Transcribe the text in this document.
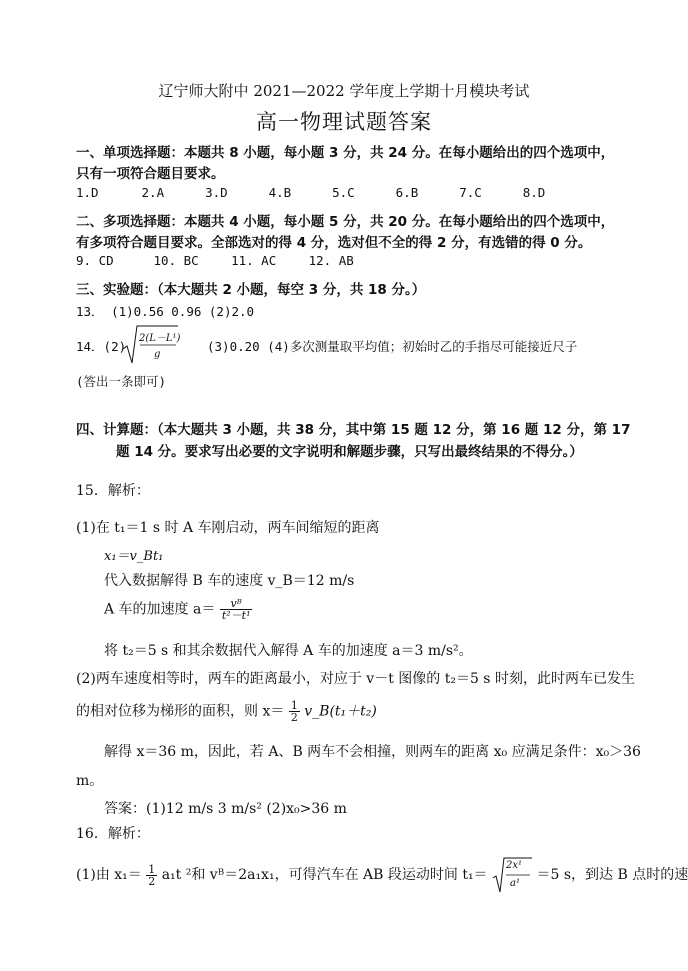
辽宁师大附中 2021—2022 学年度上学期十月模块考试
高一物理试题答案
一、单项选择题：本题共 8 小题，每小题 3 分，共 24 分。在每小题给出的四个选项中，
只有一项符合题目要求。
1.D	2.A	3.D	4.B	5.C	6.B	7.C	8.D
二、多项选择题：本题共 4 小题，每小题 5 分，共 20 分。在每小题给出的四个选项中，
有多项符合题目要求。全部选对的得 4 分，选对但不全的得 2 分，有选错的得 0 分。
9. CD	10. BC	11. AC	12. AB
三、实验题：（本大题共 2 小题，每空 3 分，共 18 分。）
13． (1)0.56 0.96 (2)2.0
14．(2)
2(L－L¹)
g
(3)0.20 (4)多次测量取平均值；初始时乙的手指尽可能接近尺子
(答出一条即可)
四、计算题：（本大题共 3 小题，共 38 分，其中第 15 题 12 分，第 16 题 12 分，第 17
题 14 分。要求写出必要的文字说明和解题步骤，只写出最终结果的不得分。）
15．解析：
(1)在 t₁＝1 s 时 A 车刚启动，两车间缩短的距离
x₁＝v_Bt₁
代入数据解得 B 车的速度 v_B＝12 m/s
A 车的加速度 $a= \frac{\text{vᴮ}}{\text{t²－t¹}}$
将 t₂＝5 s 和其余数据代入解得 A 车的加速度 a＝3 m/s²。
(2)两车速度相等时，两车的距离最小，对应于 v－t 图像的 t₂＝5 s 时刻，此时两车已发生
的相对位移为梯形的面积，则 $x= \frac{1}{2}$ v_B(t₁＋t₂)
解得 x＝36 m，因此，若 A、B 两车不会相撞，则两车的距离 x₀ 应满足条件：x₀＞36
m。
答案：(1)12 m/s 3 m/s² (2)x₀>36 m
16．解析：
(1)由 $x_1= \frac{1}{2} a_1t$ ²和 vᴮ＝2a₁x₁，可得汽车在 AB 段运动时间 t₁＝
2x¹
a¹
＝5 s，到达 B 点时的速
